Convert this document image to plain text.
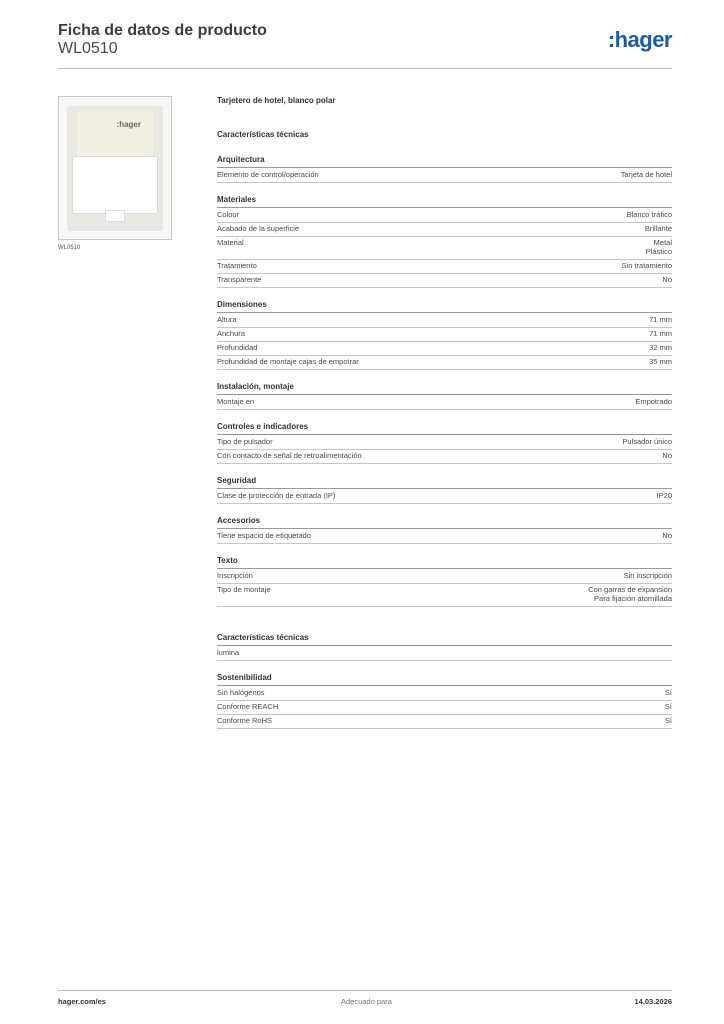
Ficha de datos de producto
WL0510	:hager
:hager
WL0510
Tarjetero de hotel, blanco polar
Características técnicas
Arquitectura
Elemento de control/operación	Tarjeta de hotel
Materiales
Colour	Blanco tráfico
Acabado de la superficie	Brillante
Material	Metal
Plástico
Tratamiento	Sin tratamiento
Transparente	No
Dimensiones
Altura	71 mm
Anchura	71 mm
Profundidad	32 mm
Profundidad de montaje cajas de empotrar	35 mm
Instalación, montaje
Montaje en	Empotrado
Controles e indicadores
Tipo de pulsador	Pulsador único
Con contacto de señal de retroalimentación	No
Seguridad
Clase de protección de entrada (IP)	IP20
Accesorios
Tiene espacio de etiquetado	No
Texto
Inscripción	Sin inscripción
Tipo de montaje	Con garras de expansión
Para fijación atornillada
Características técnicas
lumina
Sostenibilidad
Sin halógenos	Sí
Conforme REACH	Sí
Conforme RoHS	Sí
hager.com/es	Adecuado para	14.03.2026
